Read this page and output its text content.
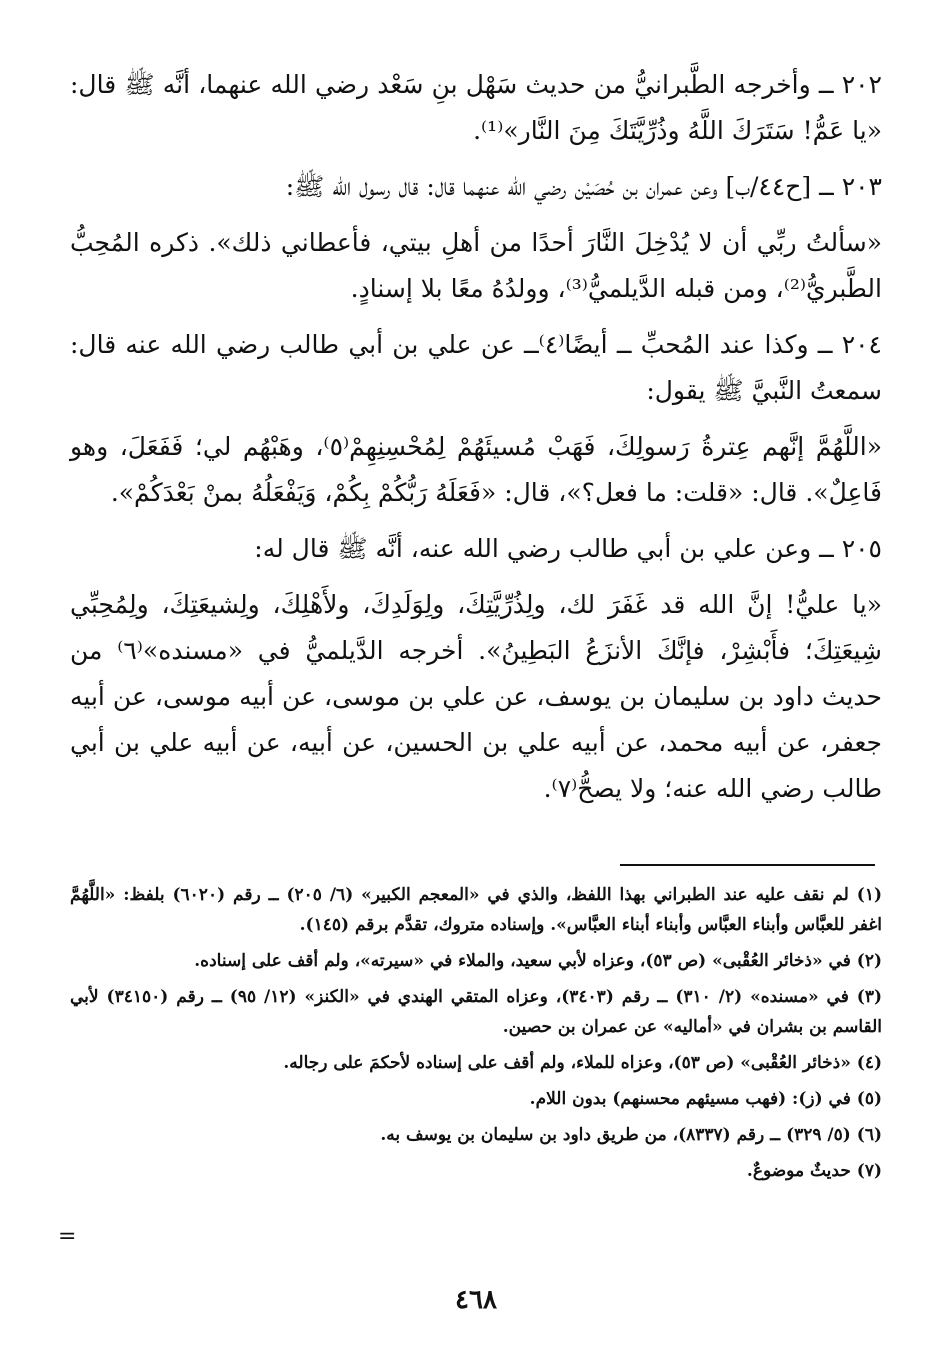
٢٠٢ ــ وأخرجه الطَّبرانيُّ من حديث سَهْل بنِ سَعْد رضي الله عنهما، أنَّه ﷺ قال: «يا عَمُّ! سَتَرَكَ اللَّهُ وذُرِّيَّتَكَ مِنَ النَّار»⁽¹⁾.

٢٠٣ ــ [ح٤٤/ب] وعن عمران بن حُصَيْن رضي الله عنهما قال: قال رسول الله ﷺ:

«سألتُ ربِّي أن لا يُدْخِلَ النَّارَ أحدًا من أهلِ بيتي، فأعطاني ذلك». ذكره المُحِبُّ الطَّبريُّ⁽²⁾، ومن قبله الدَّيلميُّ⁽³⁾، وولدُهُ معًا بلا إسنادٍ.

٢٠٤ ــ وكذا عند المُحبِّ ــ أيضًا⁽٤⁾ــ عن علي بن أبي طالب رضي الله عنه قال: سمعتُ النَّبيَّ ﷺ يقول:

«اللَّهُمَّ إنَّهم عِترةُ رَسولِكَ، فَهَبْ مُسيئَهُمْ لِمُحْسِنِهِمْ⁽٥⁾، وهَبْهُم لي؛ فَفَعَلَ، وهو فَاعِلٌ». قال: «قلت: ما فعل؟»، قال: «فَعَلَهُ رَبُّكُمْ بِكُمْ، وَيَفْعَلُهُ بمنْ بَعْدَكُمْ».

٢٠٥ ــ وعن علي بن أبي طالب رضي الله عنه، أنَّه ﷺ قال له:

«يا عليُّ! إنَّ الله قد غَفَرَ لك، ولِذُرِّيَّتِكَ، ولِوَلَدِكَ، ولأَهْلِكَ، ولِشيعَتِكَ، ولِمُحِبِّي شِيعَتِكَ؛ فأَبْشِرْ، فإنَّكَ الأنزَعُ البَطِينُ». أخرجه الدَّيلميُّ في «مسنده»⁽٦⁾ من حديث داود بن سليمان بن يوسف، عن علي بن موسى، عن أبيه موسى، عن أبيه جعفر، عن أبيه محمد، عن أبيه علي بن الحسين، عن أبيه، عن أبيه علي بن أبي طالب رضي الله عنه؛ ولا يصحُّ⁽٧⁾.

(١) لم نقف عليه عند الطبراني بهذا اللفظ، والذي في «المعجم الكبير» (٦/ ٢٠٥) ــ رقم (٦٠٢٠) بلفظ: «اللَّهُمَّ اغفر للعبَّاس وأبناء العبَّاس وأبناء أبناء العبَّاس». وإسناده متروك، تقدَّم برقم (١٤٥).

(٢) في «ذخائر العُقْبى» (ص ٥٣)، وعزاه لأبي سعيد، والملاء في «سيرته»، ولم أقف على إسناده.

(٣) في «مسنده» (٢/ ٣١٠) ــ رقم (٣٤٠٣)، وعزاه المتقي الهندي في «الكنز» (١٢/ ٩٥) ــ رقم (٣٤١٥٠) لأبي القاسم بن بشران في «أماليه» عن عمران بن حصين.

(٤) «ذخائر العُقْبى» (ص ٥٣)، وعزاه للملاء، ولم أقف على إسناده لأحكمَ على رجاله.

(٥) في (ز): (فهب مسيئهم محسنهم) بدون اللام.

(٦) (٥/ ٣٢٩) ــ رقم (٨٣٣٧)، من طريق داود بن سليمان بن يوسف به.

(٧) حديثٌ موضوعٌ.

=
٤٦٨
